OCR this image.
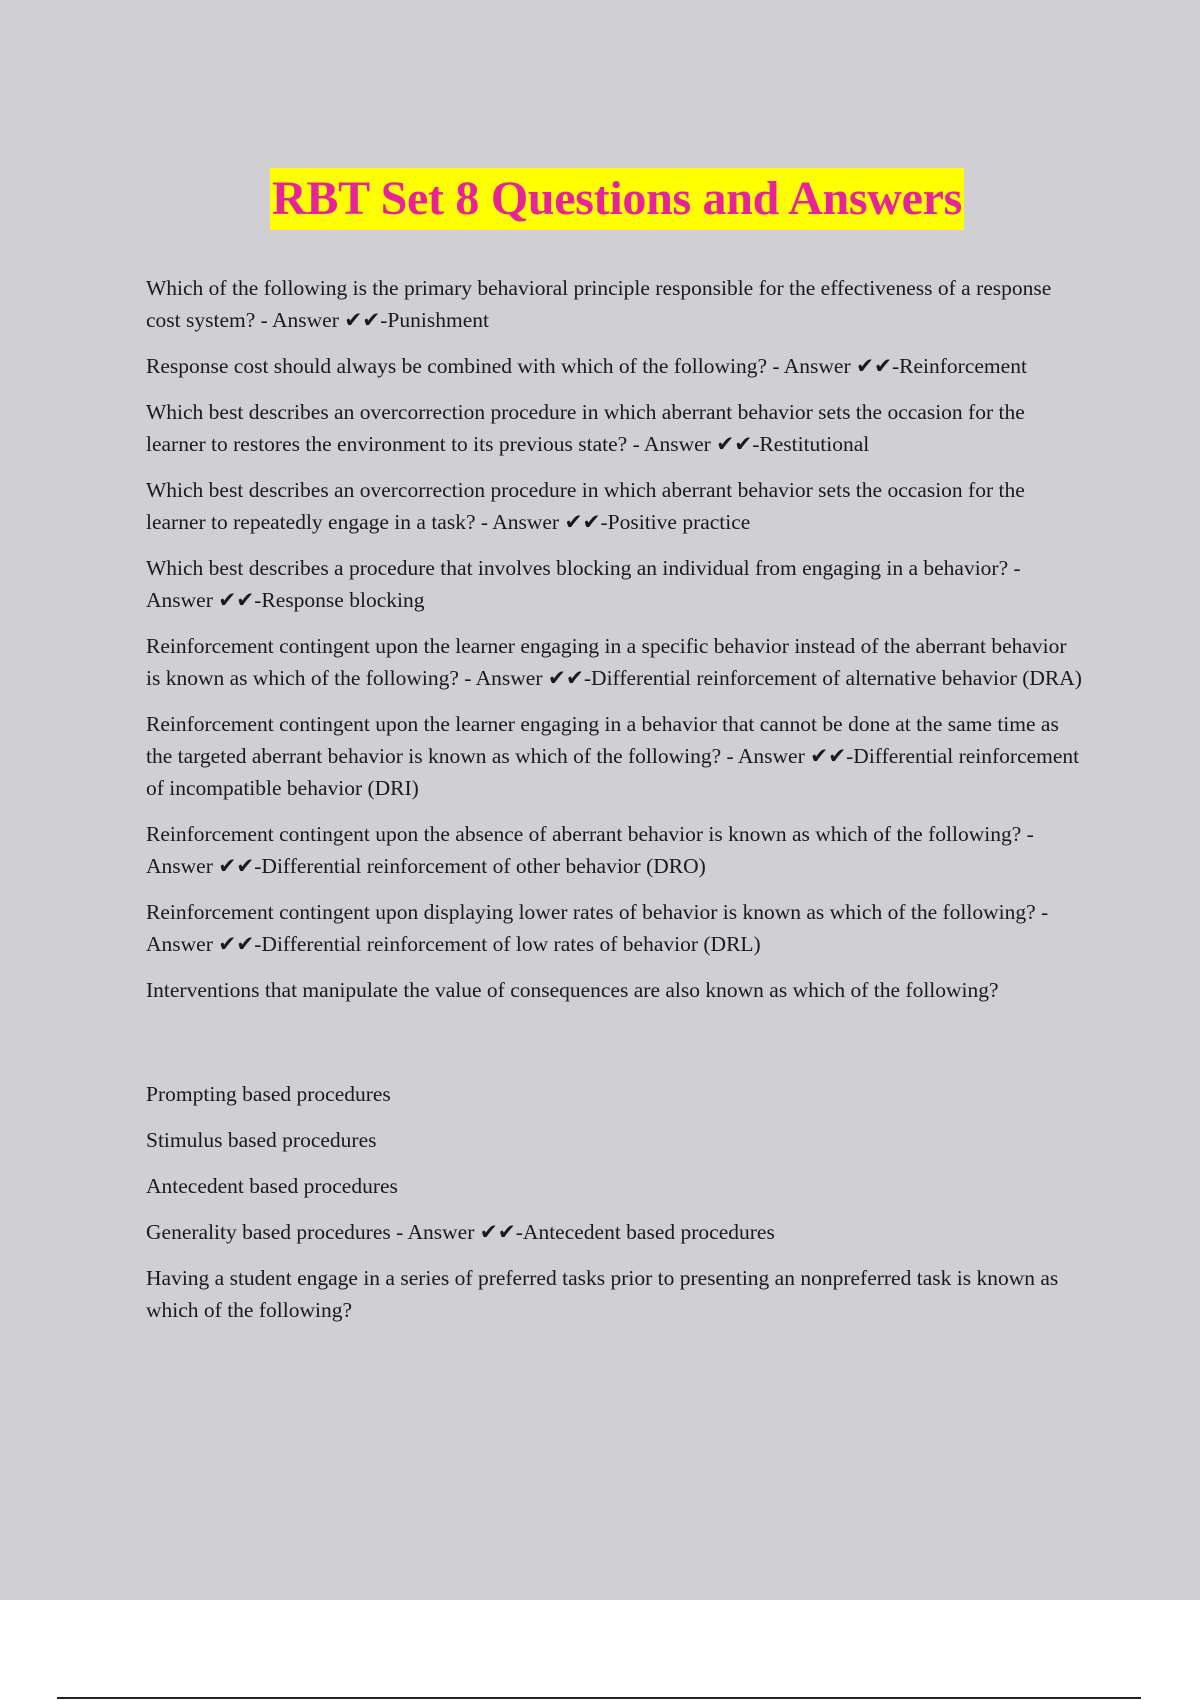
RBT Set 8 Questions and Answers

Which of the following is the primary behavioral principle responsible for the effectiveness of a response cost system? - Answer ✔✔-Punishment

Response cost should always be combined with which of the following? - Answer ✔✔-Reinforcement

Which best describes an overcorrection procedure in which aberrant behavior sets the occasion for the learner to restores the environment to its previous state? - Answer ✔✔-Restitutional

Which best describes an overcorrection procedure in which aberrant behavior sets the occasion for the learner to repeatedly engage in a task? - Answer ✔✔-Positive practice

Which best describes a procedure that involves blocking an individual from engaging in a behavior? - Answer ✔✔-Response blocking

Reinforcement contingent upon the learner engaging in a specific behavior instead of the aberrant behavior is known as which of the following? - Answer ✔✔-Differential reinforcement of alternative behavior (DRA)

Reinforcement contingent upon the learner engaging in a behavior that cannot be done at the same time as the targeted aberrant behavior is known as which of the following? - Answer ✔✔-Differential reinforcement of incompatible behavior (DRI)

Reinforcement contingent upon the absence of aberrant behavior is known as which of the following? - Answer ✔✔-Differential reinforcement of other behavior (DRO)

Reinforcement contingent upon displaying lower rates of behavior is known as which of the following? - Answer ✔✔-Differential reinforcement of low rates of behavior (DRL)

Interventions that manipulate the value of consequences are also known as which of the following?

Prompting based procedures

Stimulus based procedures

Antecedent based procedures

Generality based procedures - Answer ✔✔-Antecedent based procedures

Having a student engage in a series of preferred tasks prior to presenting an nonpreferred task is known as which of the following?
